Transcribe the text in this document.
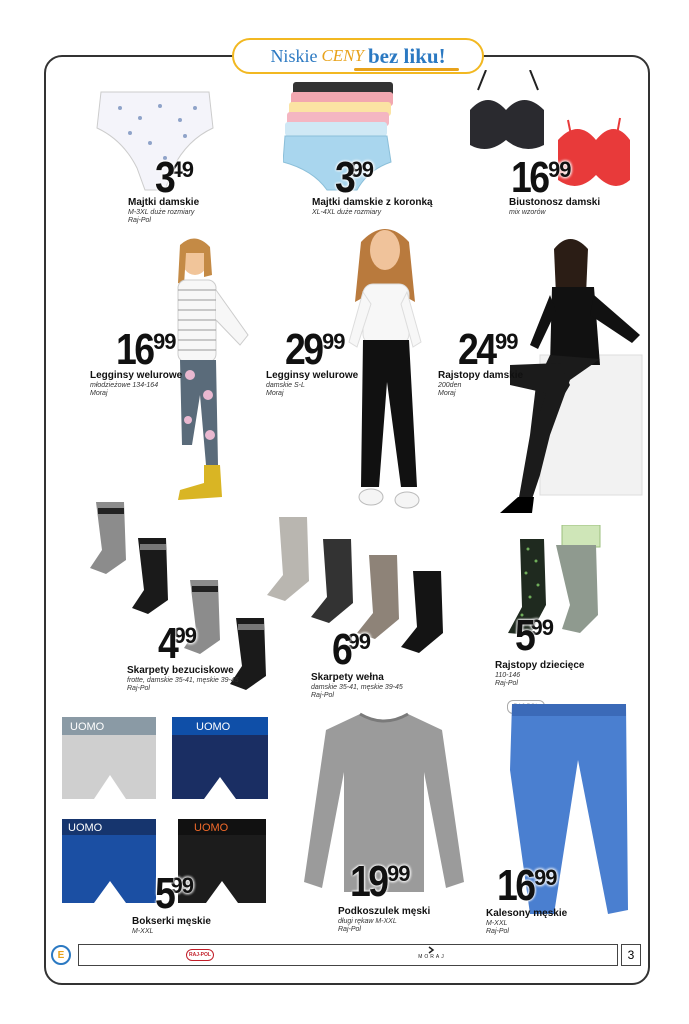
Niskie CENY bez liku!
3
49
Majtki damskie
M-3XL duże rozmiary
Raj-Pol
3
99
Majtki damskie z koronką
XL-4XL duże rozmiary
16 99
Biustonosz damski
mix wzorów
16 99
Legginsy welurowe
młodzieżowe 134-164
Moraj
29 99
Legginsy welurowe
damskie S-L
Moraj
24 99
Rajstopy damskie
200den
Moraj
4
99
Skarpety bezuciskowe
frotte, damskie 35-41, męskie 39-45
Raj-Pol
6
99
Skarpety wełna
damskie 35-41, męskie 39-45
Raj-Pol
5
99
Rajstopy dziecięce
110-146
Raj-Pol
UOMO	UOMO
UOMO	UOMO
5
99
Bokserki męskie
M-XXL
19 99
Podkoszulek męski
długi rękaw M-XXL
Raj-Pol
16 99
Kalesony męskie
M-XXL
Raj-Pol
E	RAJ-POL	MORAJ	3
